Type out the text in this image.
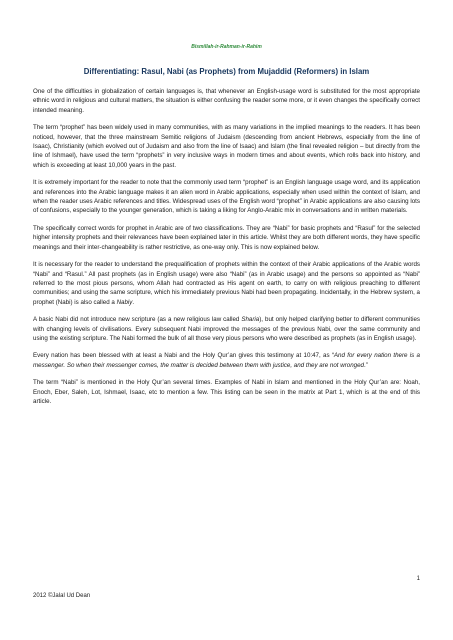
Bismillah-ir-Rahman-ir-Rahim
Differentiating: Rasul, Nabi (as Prophets) from Mujaddid (Reformers) in Islam

One of the difficulties in globalization of certain languages is, that whenever an English-usage word is substituted for the most appropriate ethnic word in religious and cultural matters, the situation is either confusing the reader some more, or it even changes the specifically correct intended meaning.

The term “prophet” has been widely used in many communities, with as many variations in the implied meanings to the readers. It has been noticed, however, that the three mainstream Semitic religions of Judaism (descending from ancient Hebrews, especially from the line of Isaac), Christianity (which evolved out of Judaism and also from the line of Isaac) and Islam (the final revealed religion – but directly from the line of Ishmael), have used the term “prophets” in very inclusive ways in modern times and about events, which rolls back into history, and which is exceeding at least 10,000 years in the past.

It is extremely important for the reader to note that the commonly used term “prophet” is an English language usage word, and its application and references into the Arabic language makes it an alien word in Arabic applications, especially when used within the context of Islam, and when the reader uses Arabic references and titles. Widespread uses of the English word “prophet” in Arabic applications are also causing lots of confusions, especially to the younger generation, which is taking a liking for Anglo-Arabic mix in conversations and in written materials.

The specifically correct words for prophet in Arabic are of two classifications. They are “Nabi” for basic prophets and “Rasul” for the selected higher intensity prophets and their relevances have been explained later in this article. Whilst they are both different words, they have specific meanings and their inter-changeability is rather restrictive, as one-way only. This is now explained below.

It is necessary for the reader to understand the prequalification of prophets within the context of their Arabic applications of the Arabic words “Nabi” and “Rasul.” All past prophets (as in English usage) were also “Nabi” (as in Arabic usage) and the persons so appointed as “Nabi” referred to the most pious persons, whom Allah had contracted as His agent on earth, to carry on with religious preaching to different communities; and using the same scripture, which his immediately previous Nabi had been propagating. Incidentally, in the Hebrew system, a prophet (Nabi) is also called a Nabiy.

A basic Nabi did not introduce new scripture (as a new religious law called Sharia), but only helped clarifying better to different communities with changing levels of civilisations. Every subsequent Nabi improved the messages of the previous Nabi, over the same community and using the existing scripture. The Nabi formed the bulk of all those very pious persons who were described as prophets (as in English usage).

Every nation has been blessed with at least a Nabi and the Holy Qur’an gives this testimony at 10:47, as “And for every nation there is a messenger. So when their messenger comes, the matter is decided between them with justice, and they are not wronged.”

The term “Nabi” is mentioned in the Holy Qur’an several times. Examples of Nabi in Islam and mentioned in the Holy Qur’an are: Noah, Enoch, Eber, Saleh, Lot, Ishmael, Isaac, etc to mention a few. This listing can be seen in the matrix at Part 1, which is at the end of this article.

1
2012 ©Jalal Ud Dean
